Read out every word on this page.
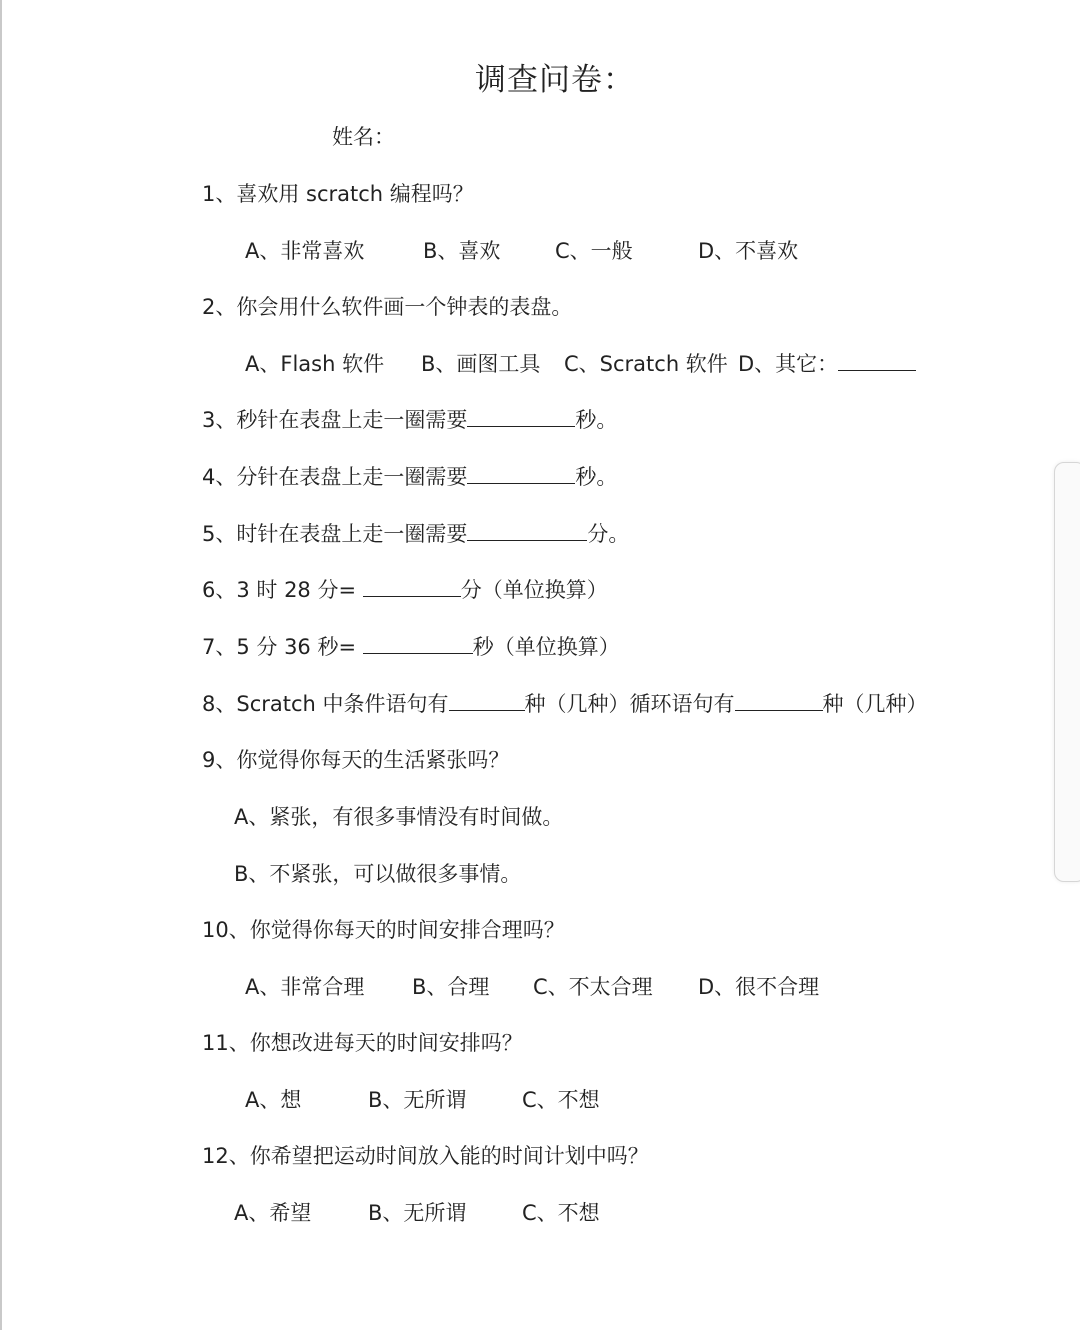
调查问卷：
姓名：
1、喜欢用 scratch 编程吗？
A、非常喜欢	B、喜欢	C、一般	D、不喜欢
2、你会用什么软件画一个钟表的表盘。
A、Flash 软件 B、画图工具 C、Scratch 软件 D、其它：
3、秒针在表盘上走一圈需要	秒。
4、分针在表盘上走一圈需要	秒。
5、时针在表盘上走一圈需要	分。
6、3 时 28 分=	分（单位换算）
7、5 分 36 秒=	秒（单位换算）
8、Scratch 中条件语句有	种（几种）循环语句有	种（几种）
9、你觉得你每天的生活紧张吗？
A、紧张，有很多事情没有时间做。
B、不紧张，可以做很多事情。
10、你觉得你每天的时间安排合理吗？
A、非常合理 B、合理 C、不太合理 D、很不合理
11、你想改进每天的时间安排吗？
A、想	B、无所谓	C、不想
12、你希望把运动时间放入能的时间计划中吗？
A、希望	B、无所谓	C、不想
